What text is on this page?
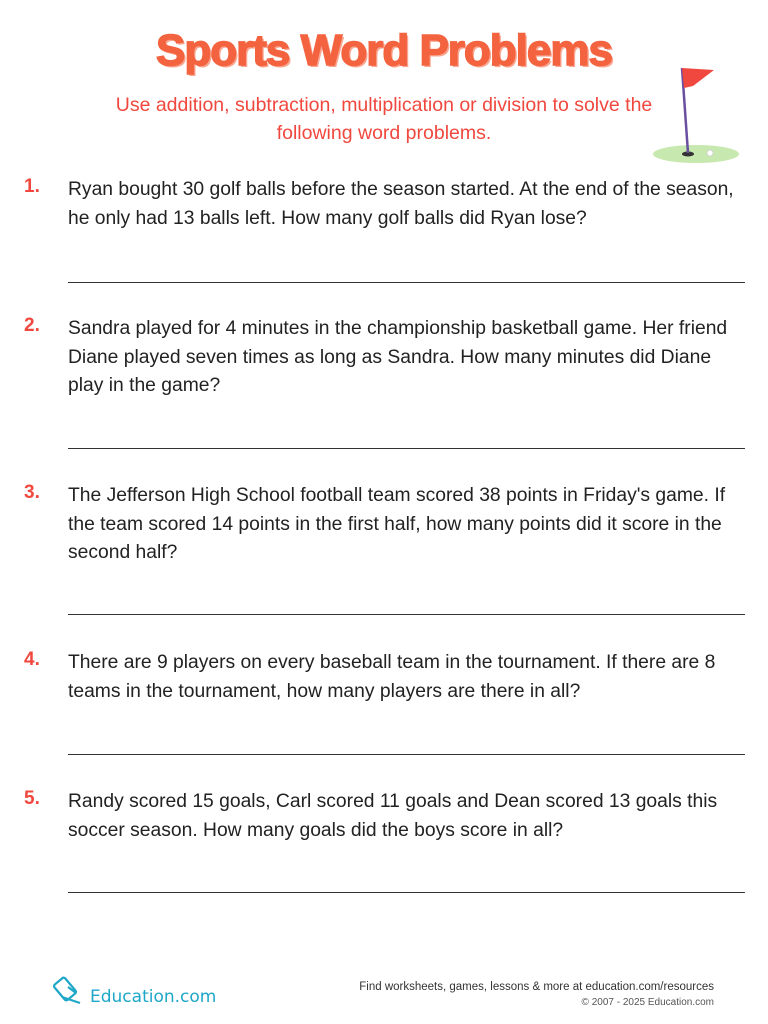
Sports Word Problems

Use addition, subtraction, multiplication or division to solve the following word problems.

1. Ryan bought 30 golf balls before the season started. At the end of the season, he only had 13 balls left. How many golf balls did Ryan lose?
2. Sandra played for 4 minutes in the championship basketball game. Her friend Diane played seven times as long as Sandra. How many minutes did Diane play in the game?
3. The Jefferson High School football team scored 38 points in Friday's game. If the team scored 14 points in the first half, how many points did it score in the second half?
4. There are 9 players on every baseball team in the tournament. If there are 8 teams in the tournament, how many players are there in all?
5. Randy scored 15 goals, Carl scored 11 goals and Dean scored 13 goals this soccer season. How many goals did the boys score in all?
Education.com	Find worksheets, games, lessons & more at education.com/resources
© 2007 - 2025 Education.com
